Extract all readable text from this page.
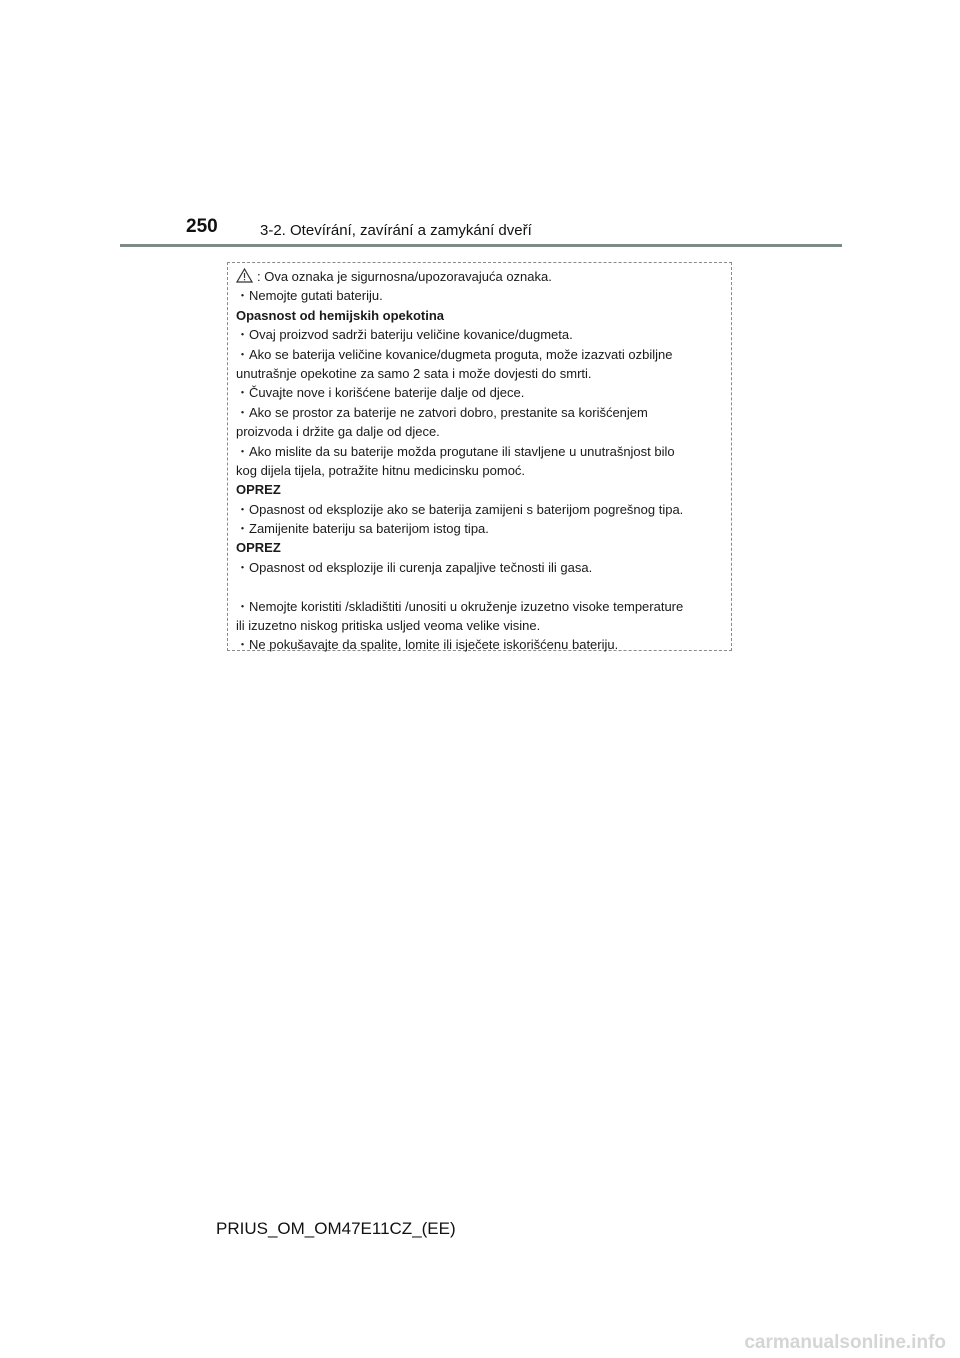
250	3-2. Otevírání, zavírání a zamykání dveří
: Ova oznaka je sigurnosna/upozoravajuća oznaka.
・Nemojte gutati bateriju.
Opasnost od hemijskih opekotina
・Ovaj proizvod sadrži bateriju veličine kovanice/dugmeta.
・Ako se baterija veličine kovanice/dugmeta proguta, može izazvati ozbiljne
unutrašnje opekotine za samo 2 sata i može dovjesti do smrti.
・Čuvajte nove i korišćene baterije dalje od djece.
・Ako se prostor za baterije ne zatvori dobro, prestanite sa korišćenjem
proizvoda i držite ga dalje od djece.
・Ako mislite da su baterije možda progutane ili stavljene u unutrašnjost bilo
kog dijela tijela, potražite hitnu medicinsku pomoć.
OPREZ
・Opasnost od eksplozije ako se baterija zamijeni s baterijom pogrešnog tipa.
・Zamijenite bateriju sa baterijom istog tipa.
OPREZ
・Opasnost od eksplozije ili curenja zapaljive tečnosti ili gasa.
・Nemojte koristiti /skladištiti /unositi u okruženje izuzetno visoke temperature
ili izuzetno niskog pritiska usljed veoma velike visine.
・Ne pokušavajte da spalite, lomite ili isječete iskorišćenu bateriju.
PRIUS_OM_OM47E11CZ_(EE)
carmanualsonline.info
